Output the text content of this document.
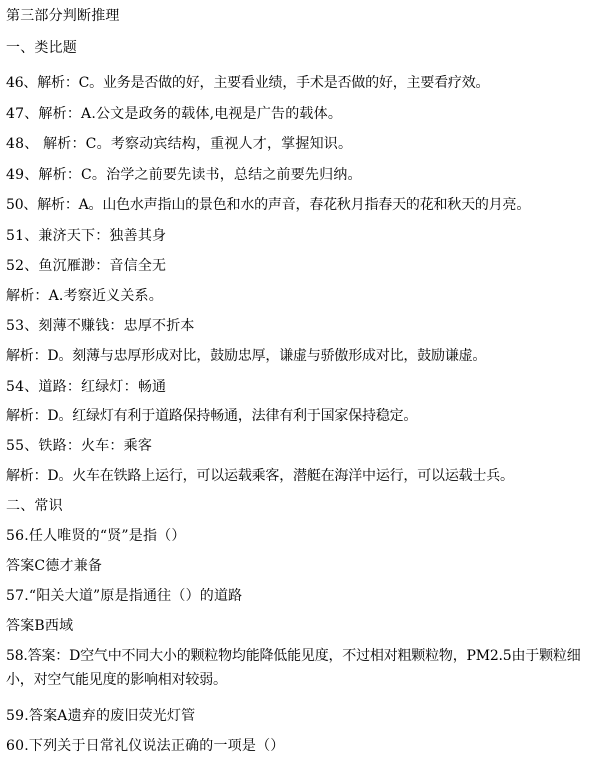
第三部分判断推理
一、类比题
46、解析：C。业务是否做的好，主要看业绩，手术是否做的好，主要看疗效。
47、解析：A.公文是政务的载体,电视是广告的载体。
48、 解析：C。考察动宾结构，重视人才，掌握知识。
49、解析：C。治学之前要先读书，总结之前要先归纳。
50、解析：A。山色水声指山的景色和水的声音，春花秋月指春天的花和秋天的月亮。
51、兼济天下：独善其身
52、鱼沉雁渺：音信全无
解析：A.考察近义关系。
53、刻薄不赚钱：忠厚不折本
解析：D。刻薄与忠厚形成对比，鼓励忠厚，谦虚与骄傲形成对比，鼓励谦虚。
54、道路：红绿灯：畅通
解析：D。红绿灯有利于道路保持畅通，法律有利于国家保持稳定。
55、铁路：火车：乘客
解析：D。火车在铁路上运行，可以运载乘客，潜艇在海洋中运行，可以运载士兵。
二、常识
56.任人唯贤的“贤”是指（）
答案C德才兼备
57.“阳关大道”原是指通往（）的道路
答案B西域
58.答案：D空气中不同大小的颗粒物均能降低能见度，不过相对粗颗粒物，PM2.5由于颗粒细小，对空气能见度的影响相对较弱。
59.答案A遗弃的废旧荧光灯管
60.下列关于日常礼仪说法正确的一项是（）
